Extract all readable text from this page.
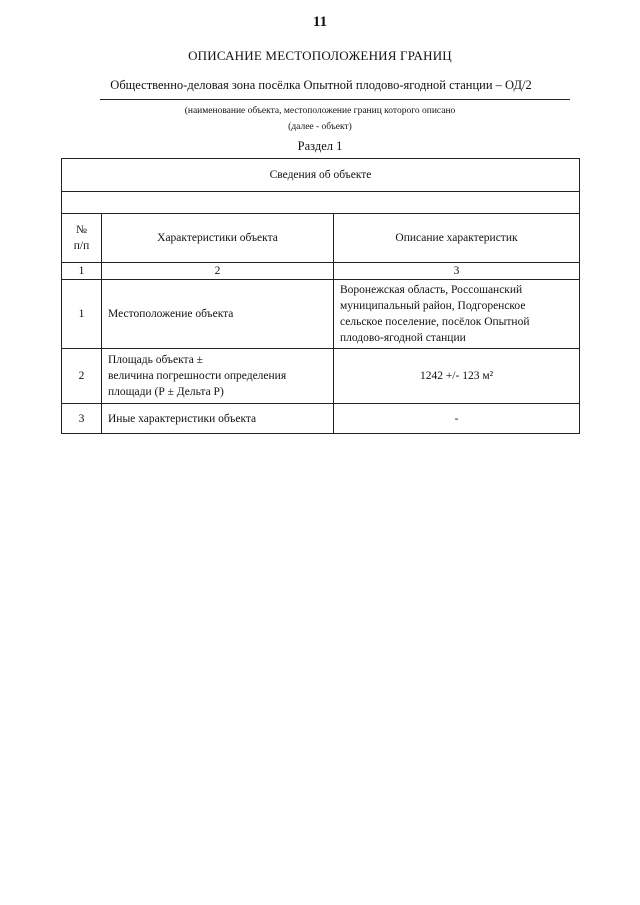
11
ОПИСАНИЕ МЕСТОПОЛОЖЕНИЯ ГРАНИЦ
Общественно-деловая зона посёлка Опытной плодово-ягодной станции – ОД/2
(наименование объекта, местоположение границ которого описано
(далее - объект)
Раздел 1
Сведения об объекте		

№
п/п	Характеристики объекта	Описание характеристик
1	2	3
1	Местоположение объекта	Воронежская область, Россошанский
муниципальный район, Подгоренское
сельское поселение, посёлок Опытной
плодово-ягодной станции
2	Площадь объекта ±
величина погрешности определения
площади (Р ± Дельта Р)	1242 +/- 123 м²
3	Иные характеристики объекта	-
